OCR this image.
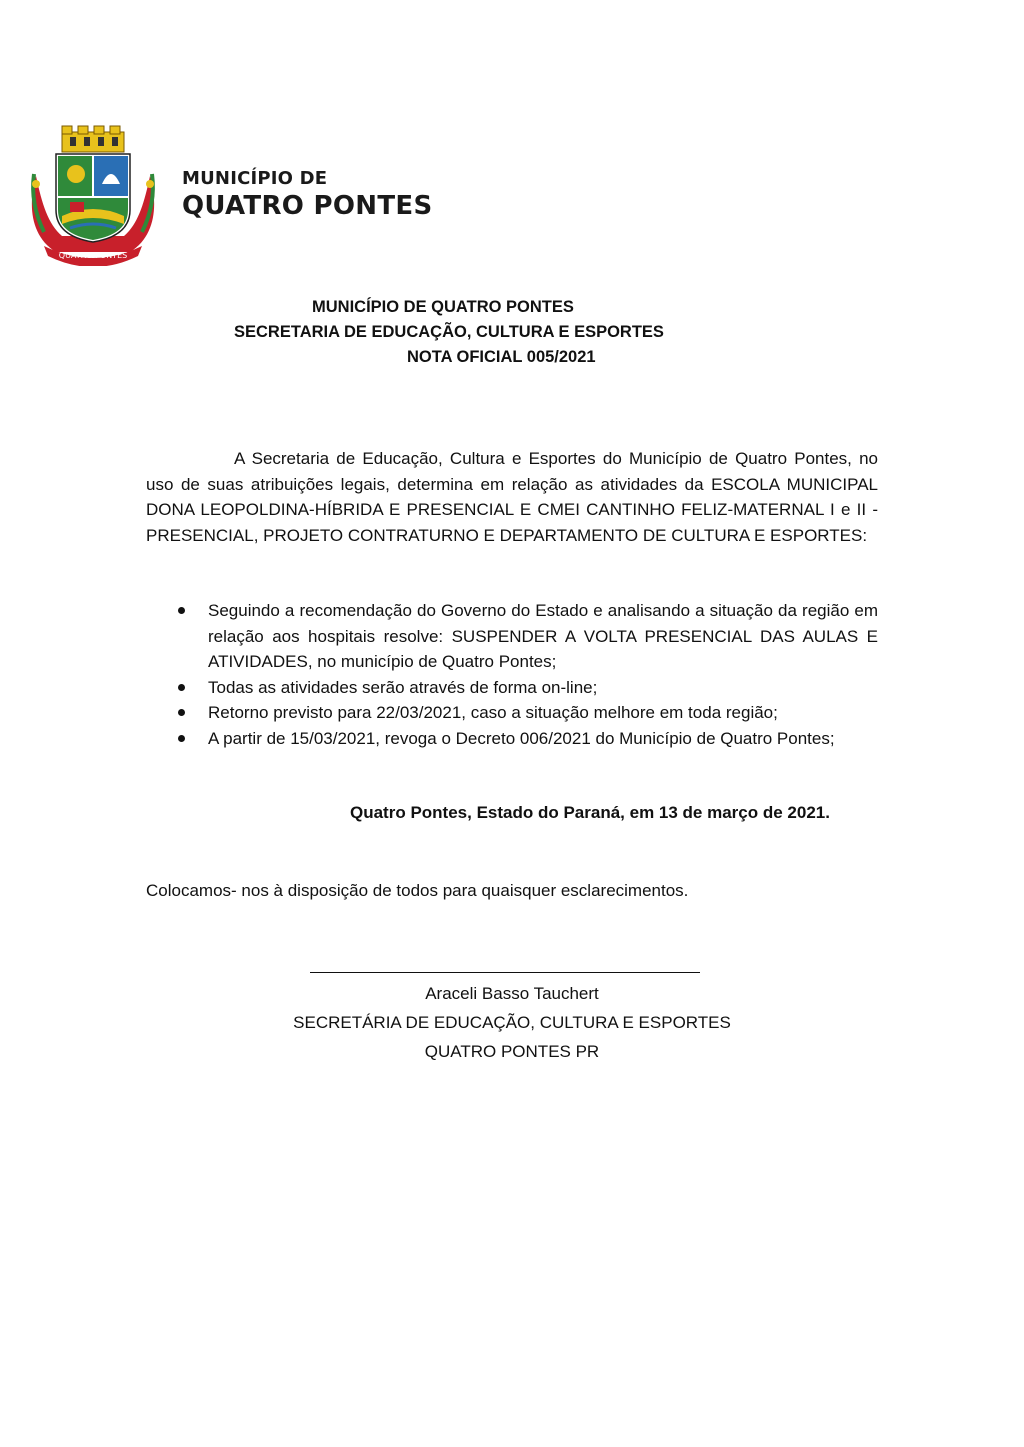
QUATRO PONTES
MUNICÍPIO DE
QUATRO PONTES
MUNICÍPIO DE QUATRO PONTES
SECRETARIA DE EDUCAÇÃO, CULTURA E ESPORTES
NOTA OFICIAL 005/2021

A Secretaria de Educação, Cultura e Esportes do Município de Quatro Pontes, no uso de suas atribuições legais, determina em relação as atividades da ESCOLA MUNICIPAL DONA LEOPOLDINA-HÍBRIDA E PRESENCIAL E CMEI CANTINHO FELIZ-MATERNAL I e II - PRESENCIAL, PROJETO CONTRATURNO E DEPARTAMENTO DE CULTURA E ESPORTES:

Seguindo a recomendação do Governo do Estado e analisando a situação da região em relação aos hospitais resolve: SUSPENDER A VOLTA PRESENCIAL DAS AULAS E ATIVIDADES, no município de Quatro Pontes;
Todas as atividades serão através de forma on-line;
Retorno previsto para 22/03/2021, caso a situação melhore em toda região;
A partir de 15/03/2021, revoga o Decreto 006/2021 do Município de Quatro Pontes;
Quatro Pontes, Estado do Paraná, em 13 de março de 2021.
Colocamos- nos à disposição de todos para quaisquer esclarecimentos.
Araceli Basso Tauchert
SECRETÁRIA DE EDUCAÇÃO, CULTURA E ESPORTES
QUATRO PONTES PR
